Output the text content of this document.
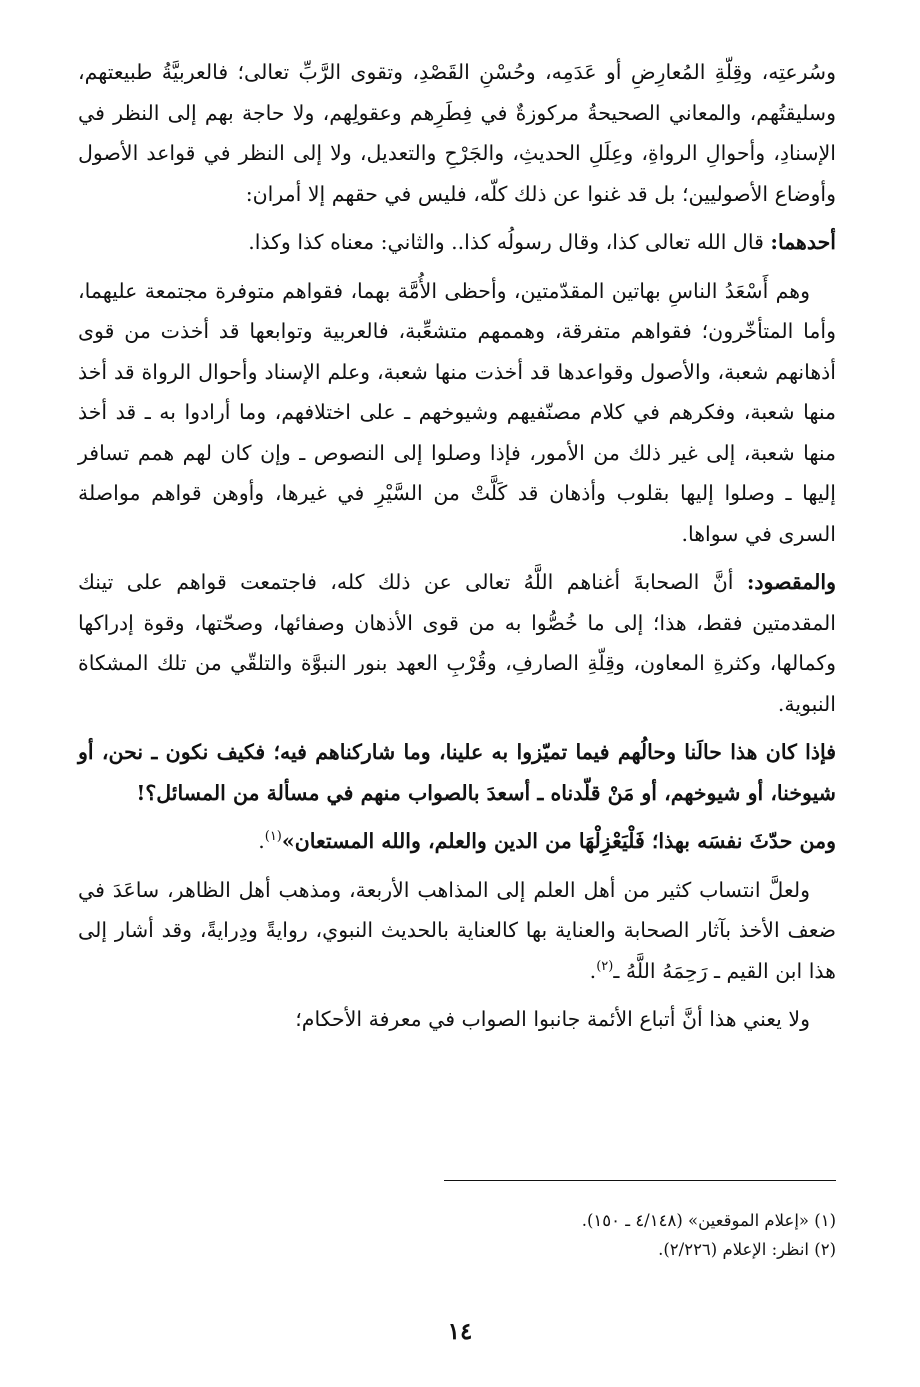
وسُرعتِه، وقِلّةِ المُعارِضِ أو عَدَمِه، وحُسْنِ القَصْدِ، وتقوى الرَّبِّ تعالى؛ فالعربيَّةُ طبيعتهم، وسليقتُهم، والمعاني الصحيحةُ مركوزةٌ في فِطَرِهم وعقولِهم، ولا حاجة بهم إلى النظر في الإسنادِ، وأحوالِ الرواةِ، وعِلَلِ الحديثِ، والجَرْحِ والتعديل، ولا إلى النظر في قواعد الأصول وأوضاع الأصوليين؛ بل قد غنوا عن ذلك كلّه، فليس في حقهم إلا أمران:

أحدهما: قال الله تعالى كذا، وقال رسولُه كذا.. والثاني: معناه كذا وكذا.

وهم أَسْعَدُ الناسِ بهاتين المقدّمتين، وأحظى الأُمَّة بهما، فقواهم متوفرة مجتمعة عليهما، وأما المتأخّرون؛ فقواهم متفرقة، وهممهم متشعِّبة، فالعربية وتوابعها قد أخذت من قوى أذهانهم شعبة، والأصول وقواعدها قد أخذت منها شعبة، وعلم الإسناد وأحوال الرواة قد أخذ منها شعبة، وفكرهم في كلام مصنّفيهم وشيوخهم ـ على اختلافهم، وما أرادوا به ـ قد أخذ منها شعبة، إلى غير ذلك من الأمور، فإذا وصلوا إلى النصوص ـ وإن كان لهم همم تسافر إليها ـ وصلوا إليها بقلوب وأذهان قد كَلَّتْ من السَّيْرِ في غيرها، وأوهن قواهم مواصلة السرى في سواها.

والمقصود: أنَّ الصحابةَ أغناهم اللَّهُ تعالى عن ذلك كله، فاجتمعت قواهم على تينك المقدمتين فقط، هذا؛ إلى ما خُصُّوا به من قوى الأذهان وصفائها، وصحّتها، وقوة إدراكها وكمالها، وكثرةِ المعاون، وقِلّةِ الصارفِ، وقُرْبِ العهد بنور النبوَّة والتلقّي من تلك المشكاة النبوية.

فإذا كان هذا حالَنا وحالُهم فيما تميّزوا به علينا، وما شاركناهم فيه؛ فكيف نكون ـ نحن، أو شيوخنا، أو شيوخهم، أو مَنْ قلّدناه ـ أسعدَ بالصواب منهم في مسألة من المسائل؟!

ومن حدّثَ نفسَه بهذا؛ فَلْيَعْزِلْهَا من الدين والعلم، والله المستعان»$^{(١)}$.

ولعلَّ انتساب كثير من أهل العلم إلى المذاهب الأربعة، ومذهب أهل الظاهر، ساعَدَ في ضعف الأخذ بآثار الصحابة والعناية بها كالعناية بالحديث النبوي، روايةً ودِرايةً، وقد أشار إلى هذا ابن القيم ـ رَحِمَهُ اللَّهُ ـ$^{(٢)}$.

ولا يعني هذا أنَّ أتباع الأئمة جانبوا الصواب في معرفة الأحكام؛

(١) «إعلام الموقعين» (٤/١٤٨ ـ ١٥٠).

(٢) انظر: الإعلام (٢/٢٢٦).

١٤
